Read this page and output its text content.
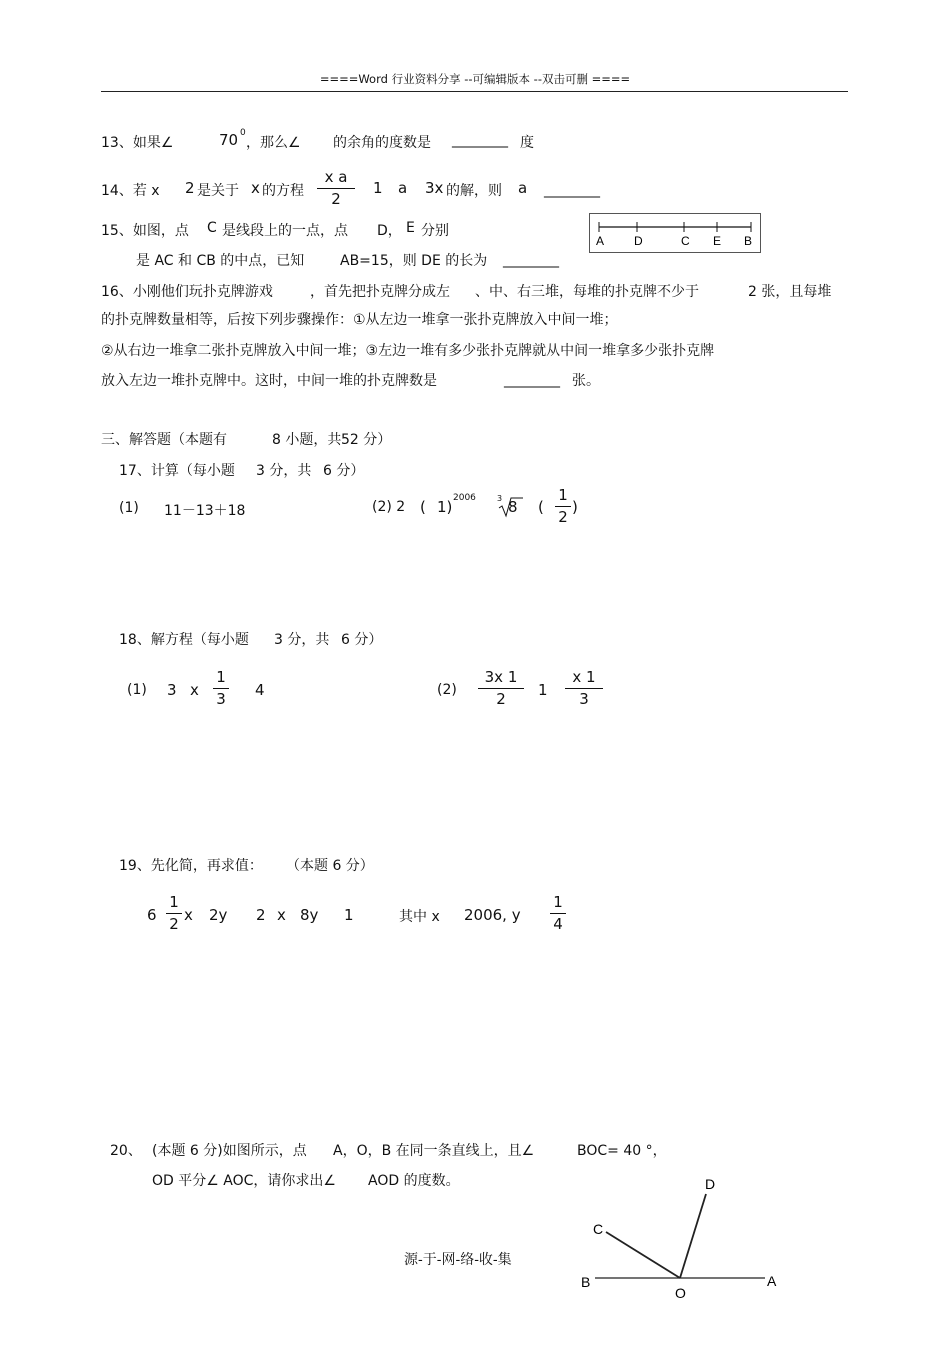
====Word 行业资料分享 --可编辑版本 --双击可删 ====
13、如果∠	70 0
，那么∠ 的余角的度数是 ________ 度
14、若 x 2 是关于 x 的方程
x a
2
1 a 3x 的解，则 a ________
15、如图，点 C 是线段上的一点，点 D， E 分别
是 AC 和 CB 的中点，已知	AB=15，则 DE 的长为 ________
A D	C E B
16、小刚他们玩扑克牌游戏	，首先把扑克牌分成左 、中、右三堆，每堆的扑克牌不少于	2 张，且每堆
的扑克牌数量相等，后按下列步骤操作：①从左边一堆拿一张扑克牌放入中间一堆；
②从右边一堆拿二张扑克牌放入中间一堆；③左边一堆有多少张扑克牌就从中间一堆拿多少张扑克牌
放入左边一堆扑克牌中。这时，中间一堆的扑克牌数是	________ 张。
三、解答题（本题有	8 小题，共 52 分）
17、计算（每小题 3 分，共 6 分）
(1) 11－13＋18	(2) 2 ( 1) 2006	3 8 (
1
2
)
18、解方程（每小题 3 分，共 6 分）
(1) 3 x
1
3 4	(2)
3x 1
2	1
x 1
3
19、先化简，再求值： （本题 6 分）
6
1
2 x 2y 2 x 8y 1	其中 x 2006, y
1
4
20、 (本题 6 分)如图所示，点 A，O，B 在同一条直线上，且∠	BOC= 40 °，
OD 平分∠ AOC，请你求出∠ AOD 的度数。	D
C
B	A
O
源-于-网-络-收-集
